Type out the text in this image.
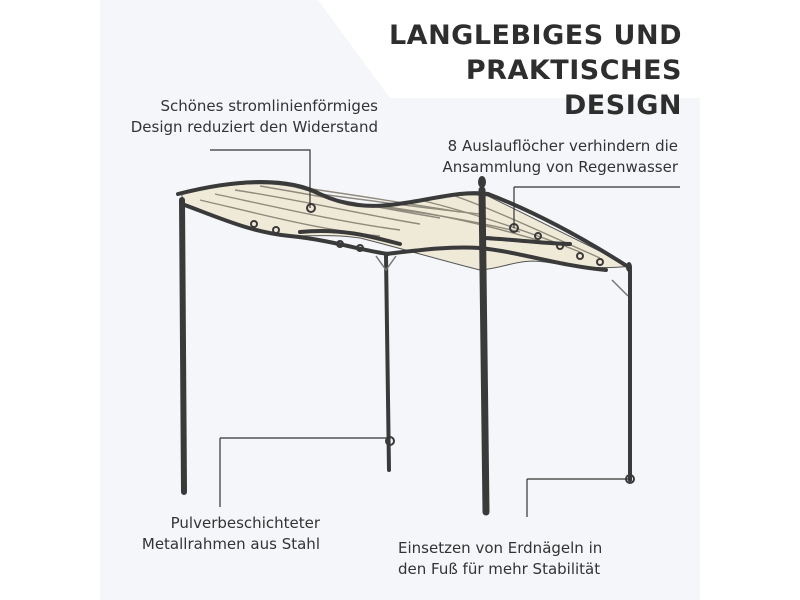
LANGLEBIGES UND
PRAKTISCHES DESIGN
Schönes stromlinienförmiges
Design reduziert den Widerstand
8 Auslauflöcher verhindern die
Ansammlung von Regenwasser
Pulverbeschichteter
Metallrahmen aus Stahl	Einsetzen von Erdnägeln in
den Fuß für mehr Stabilität
